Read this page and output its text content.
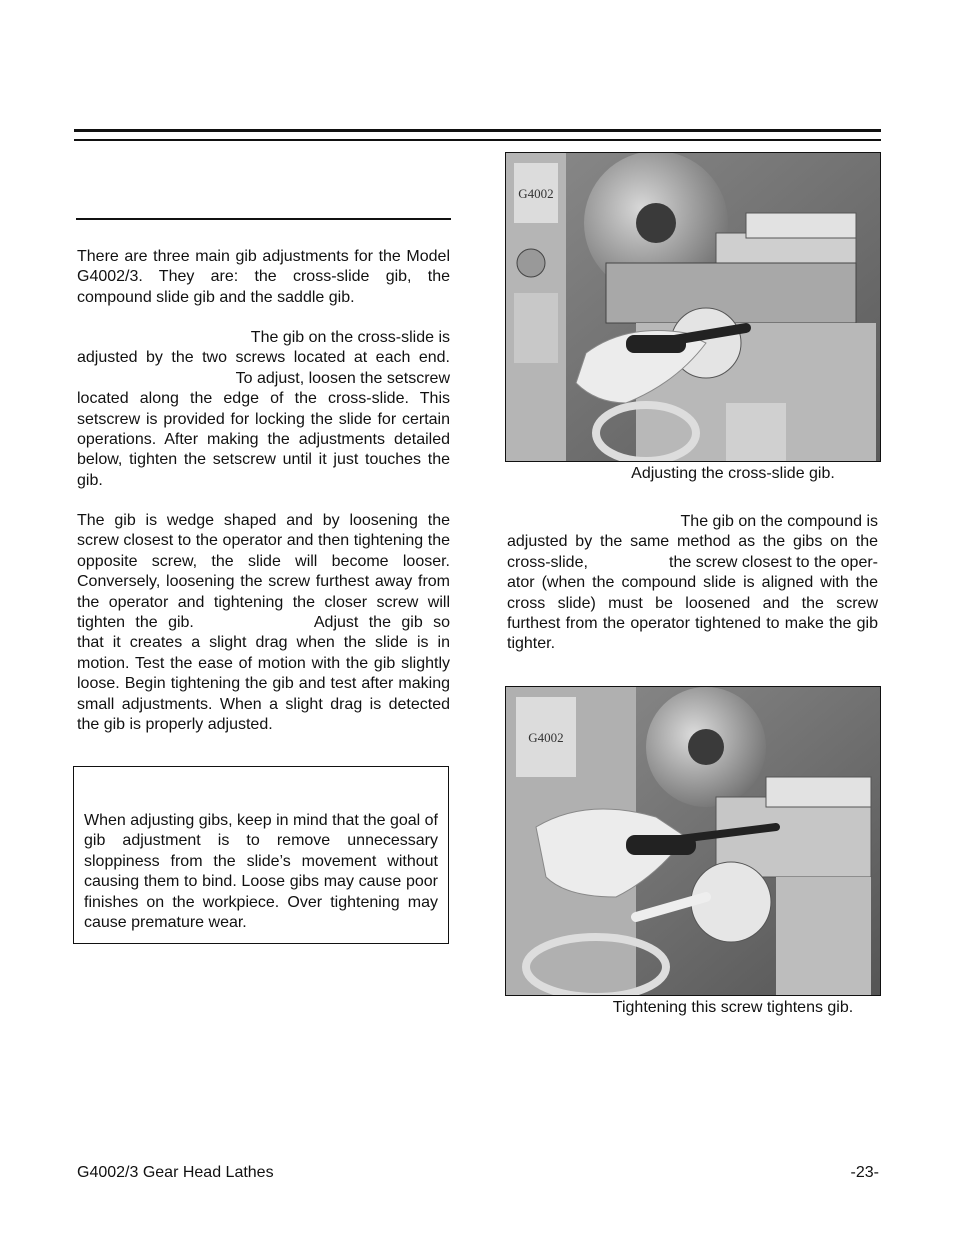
There are three main gib adjustments for the Model G4002/3. They are: the cross-slide gib, the compound slide gib and the saddle gib.

The gib on the cross-slide is
adjusted by the two screws located at each end.
To adjust, loosen the setscrew
located along the edge of the cross-slide. This setscrew is provided for locking the slide for certain operations. After making the adjustments detailed below, tighten the setscrew until it just touches the gib.
The gib is wedge shaped and by loosening the screw closest to the operator and then tightening the opposite screw, the slide will become looser. Conversely, loosening the screw furthest away from the operator and tightening the closer screw will tighten the gib.	Adjust the gib so that it creates a slight drag when the slide is in motion. Test the ease of motion with the gib slightly loose. Begin tightening the gib and test after making small adjustments. When a slight drag is detected the gib is properly adjusted.

When adjusting gibs, keep in mind that the goal of gib adjustment is to remove unnecessary sloppiness from the slide’s movement without causing them to bind. Loose gibs may cause poor finishes on the workpiece. Over tightening may cause premature wear.

G4002
Adjusting the cross-slide gib.
The gib on the compound is
adjusted by the same method as the gibs on the
cross-slide,	the screw closest to the oper-
ator (when the compound slide is aligned with the cross slide) must be loosened and the screw furthest from the operator tightened to make the gib tighter.
G4002
Tightening this screw tightens gib.
G4002/3 Gear Head Lathes	-23-
